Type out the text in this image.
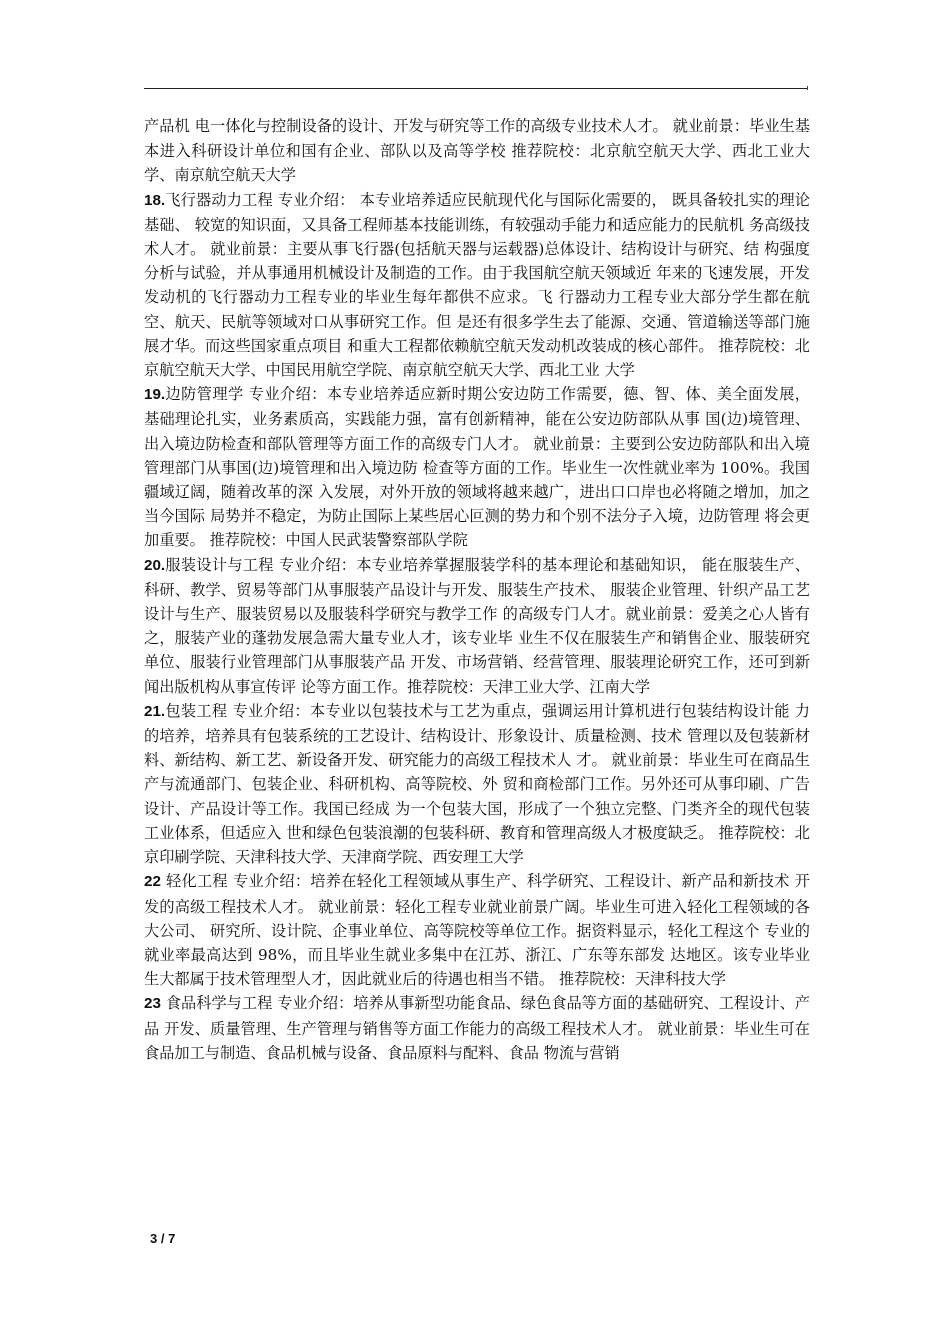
产品机 电一体化与控制设备的设计、开发与研究等工作的高级专业技术人才。 就业前景：毕业生基本进入科研设计单位和国有企业、部队以及高等学校 推荐院校：北京航空航天大学、西北工业大学、南京航空航天大学

18.飞行器动力工程 专业介绍： 本专业培养适应民航现代化与国际化需要的， 既具备较扎实的理论基础、 较宽的知识面，又具备工程师基本技能训练，有较强动手能力和适应能力的民航机 务高级技术人才。 就业前景：主要从事飞行器(包括航天器与运载器)总体设计、结构设计与研究、结 构强度分析与试验，并从事通用机械设计及制造的工作。由于我国航空航天领域近 年来的飞速发展，开发发动机的飞行器动力工程专业的毕业生每年都供不应求。飞 行器动力工程专业大部分学生都在航空、航天、民航等领域对口从事研究工作。但 是还有很多学生去了能源、交通、管道输送等部门施展才华。而这些国家重点项目 和重大工程都依赖航空航天发动机改装成的核心部件。 推荐院校：北京航空航天大学、中国民用航空学院、南京航空航天大学、西北工业 大学

19.边防管理学 专业介绍：本专业培养适应新时期公安边防工作需要，德、智、体、美全面发展， 基础理论扎实，业务素质高，实践能力强，富有创新精神，能在公安边防部队从事 国(边)境管理、出入境边防检查和部队管理等方面工作的高级专门人才。 就业前景：主要到公安边防部队和出入境管理部门从事国(边)境管理和出入境边防 检查等方面的工作。毕业生一次性就业率为 100%。我国疆域辽阔，随着改革的深 入发展，对外开放的领域将越来越广，进出口口岸也必将随之增加，加之当今国际 局势并不稳定，为防止国际上某些居心叵测的势力和个别不法分子入境，边防管理 将会更加重要。 推荐院校：中国人民武装警察部队学院

20.服装设计与工程 专业介绍：本专业培养掌握服装学科的基本理论和基础知识， 能在服装生产、科研、教学、贸易等部门从事服装产品设计与开发、服装生产技术、 服装企业管理、针织产品工艺设计与生产、服装贸易以及服装科学研究与教学工作 的高级专门人才。就业前景：爱美之心人皆有之，服装产业的蓬勃发展急需大量专业人才，该专业毕 业生不仅在服装生产和销售企业、服装研究单位、服装行业管理部门从事服装产品 开发、市场营销、经营管理、服装理论研究工作，还可到新闻出版机构从事宣传评 论等方面工作。推荐院校：天津工业大学、江南大学

21.包装工程 专业介绍：本专业以包装技术与工艺为重点，强调运用计算机进行包装结构设计能 力的培养，培养具有包装系统的工艺设计、结构设计、形象设计、质量检测、技术 管理以及包装新材料、新结构、新工艺、新设备开发、研究能力的高级工程技术人 才。 就业前景：毕业生可在商品生产与流通部门、包装企业、科研机构、高等院校、外 贸和商检部门工作。另外还可从事印刷、广告设计、产品设计等工作。我国已经成 为一个包装大国，形成了一个独立完整、门类齐全的现代包装工业体系，但适应入 世和绿色包装浪潮的包装科研、教育和管理高级人才极度缺乏。 推荐院校：北京印刷学院、天津科技大学、天津商学院、西安理工大学

22 轻化工程 专业介绍：培养在轻化工程领域从事生产、科学研究、工程设计、新产品和新技术 开发的高级工程技术人才。 就业前景：轻化工程专业就业前景广阔。毕业生可进入轻化工程领域的各大公司、 研究所、设计院、企事业单位、高等院校等单位工作。据资料显示，轻化工程这个 专业的就业率最高达到 98%，而且毕业生就业多集中在江苏、浙江、广东等东部发 达地区。该专业毕业生大都属于技术管理型人才，因此就业后的待遇也相当不错。 推荐院校：天津科技大学

23 食品科学与工程 专业介绍：培养从事新型功能食品、绿色食品等方面的基础研究、工程设计、产品 开发、质量管理、生产管理与销售等方面工作能力的高级工程技术人才。 就业前景：毕业生可在食品加工与制造、食品机械与设备、食品原料与配料、食品 物流与营销

3 / 7
